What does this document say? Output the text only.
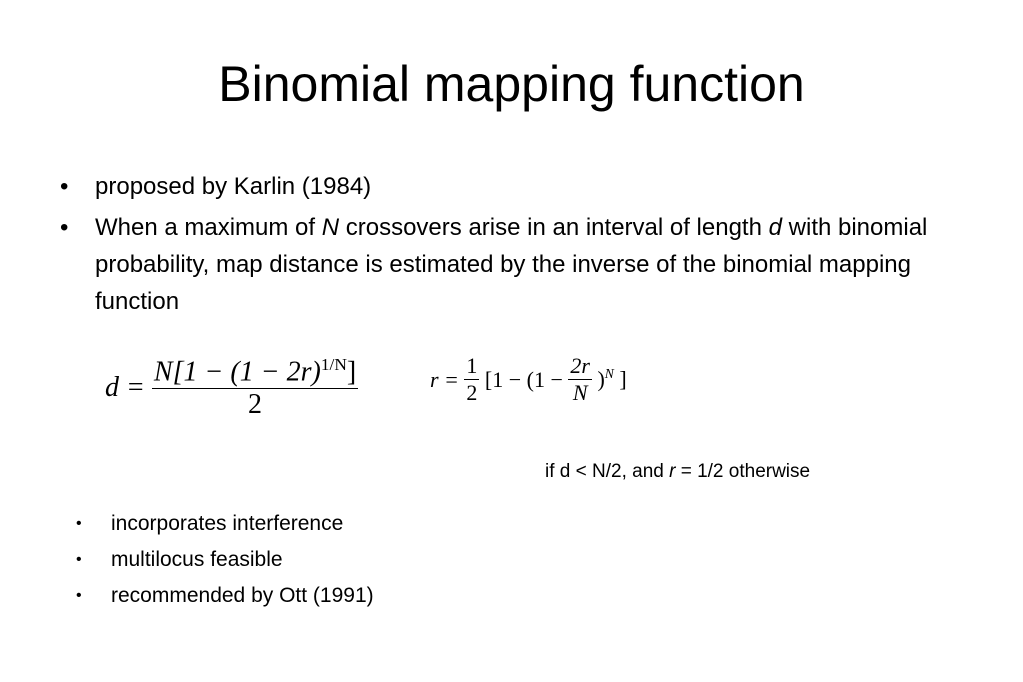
Binomial mapping function
• proposed by Karlin (1984)
• When a maximum of N crossovers arise in an interval of length d with binomial probability, map distance is estimated by the inverse of the binomial mapping function
$d = \frac{N[1 - (1 - 2r)^{1/N}]}{2}$	$r = \frac{1}{2} [1 - (1 - \frac{2r}{N} )^N$ ]
if d < N/2, and r = 1/2 otherwise
• incorporates interference
• multilocus feasible
• recommended by Ott (1991)
